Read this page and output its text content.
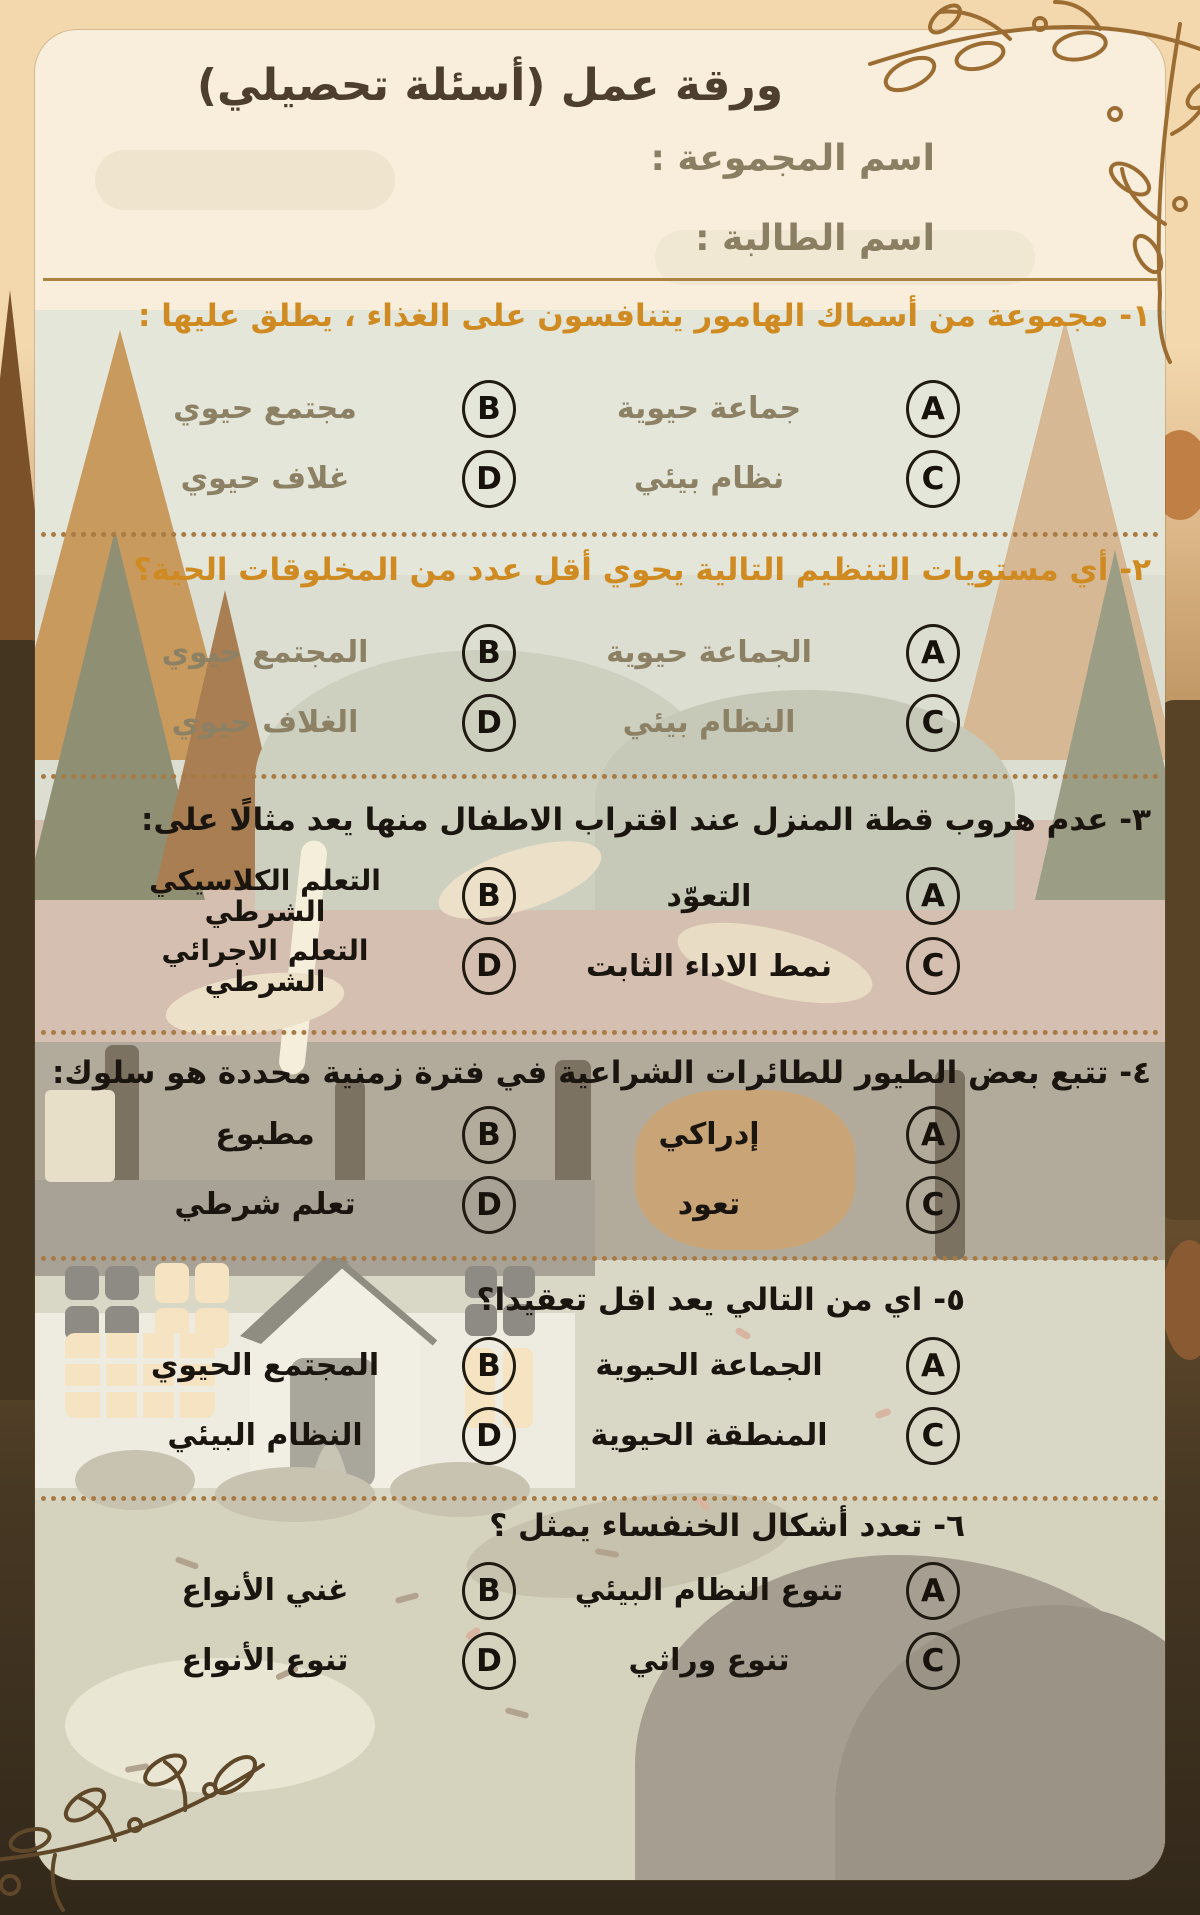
ورقة عمل (أسئلة تحصيلي)
اسم المجموعة :
اسم الطالبة :
١- مجموعة من أسماك الهامور يتنافسون على الغذاء ، يطلق عليها :
A
جماعة حيوية
B
مجتمع حيوي
C
نظام بيئي
D
غلاف حيوي
٢- أي مستويات التنظيم التالية يحوي أقل عدد من المخلوقات الحية؟
A
الجماعة حيوية
B
المجتمع حيوي
C
النظام بيئي
D
الغلاف حيوي
٣- عدم هروب قطة المنزل عند اقتراب الاطفال منها يعد مثالًا على:
A
التعوّد
B
التعلم الكلاسيكي الشرطي
C
نمط الاداء الثابت
D
التعلم الاجرائي الشرطي
٤- تتبع بعض الطيور للطائرات الشراعية في فترة زمنية محددة هو سلوك:
A
إدراكي
B
مطبوع
C
تعود
D
تعلم شرطي
٥- اي من التالي يعد اقل تعقيدا؟
A
الجماعة الحيوية
B
المجتمع الحيوي
C
المنطقة الحيوية
D
النظام البيئي
٦- تعدد أشكال الخنفساء يمثل ؟
A
تنوع النظام البيئي
B
غني الأنواع
C
تنوع وراثي
D
تنوع الأنواع
